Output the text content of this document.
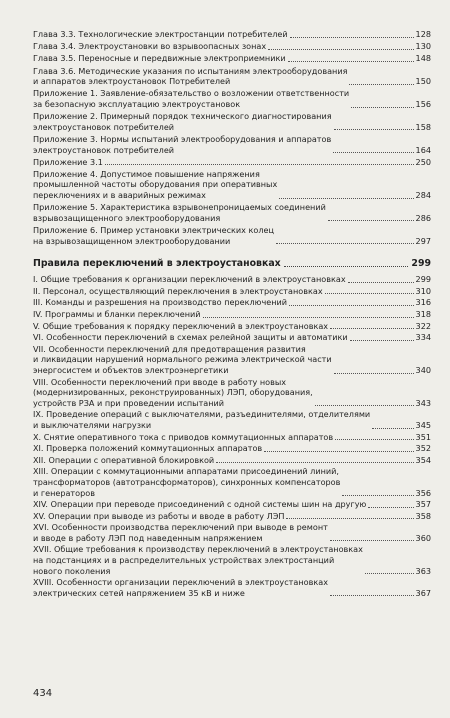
Глава 3.3. Технологические электростанции потребителей	128
Глава 3.4. Электроустановки во взрывоопасных зонах	130
Глава 3.5. Переносные и передвижные электроприемники	148
Глава 3.6. Методические указания по испытаниям электрооборудования
и аппаратов электроустановок Потребителей	150
Приложение 1. Заявление-обязательство о возложении ответственности
за безопасную эксплуатацию электроустановок	156
Приложение 2. Примерный порядок технического диагностирования
электроустановок потребителей	158
Приложение 3. Нормы испытаний электрооборудования и аппаратов
электроустановок потребителей	164
Приложение 3.1	250
Приложение 4. Допустимое повышение напряжения
промышленной частоты оборудования при оперативных
переключениях и в аварийных режимах	284
Приложение 5. Характеристика взрывонепроницаемых соединений
взрывозащищенного электрооборудования	286
Приложение 6. Пример установки электрических колец
на взрывозащищенном электрооборудовании	297
Правила переключений в электроустановках	299
I. Общие требования к организации переключений в электроустановках	299
II. Персонал, осуществляющий переключения в электроустановках	310
III. Команды и разрешения на производство переключений	316
IV. Программы и бланки переключений	318
V. Общие требования к порядку переключений в электроустановках	322
VI. Особенности переключений в схемах релейной защиты и автоматики	334
VII. Особенности переключений для предотвращения развития
и ликвидации нарушений нормального режима электрической части
энергосистем и объектов электроэнергетики	340
VIII. Особенности переключений при вводе в работу новых
(модернизированных, реконструированных) ЛЭП, оборудования,
устройств РЗА и при проведении испытаний	343
IX. Проведение операций с выключателями, разъединителями, отделителями
и выключателями нагрузки	345
X. Снятие оперативного тока с приводов коммутационных аппаратов	351
XI. Проверка положений коммутационных аппаратов	352
XII. Операции с оперативной блокировкой	354
XIII. Операции с коммутационными аппаратами присоединений линий,
трансформаторов (автотрансформаторов), синхронных компенсаторов
и генераторов	356
XIV. Операции при переводе присоединений с одной системы шин на другую	357
XV. Операции при выводе из работы и вводе в работу ЛЭП	358
XVI. Особенности производства переключений при выводе в ремонт
и вводе в работу ЛЭП под наведенным напряжением	360
XVII. Общие требования к производству переключений в электроустановках
на подстанциях и в распределительных устройствах электростанций
нового поколения	363
XVIII. Особенности организации переключений в электроустановках
электрических сетей напряжением 35 кВ и ниже	367
434
